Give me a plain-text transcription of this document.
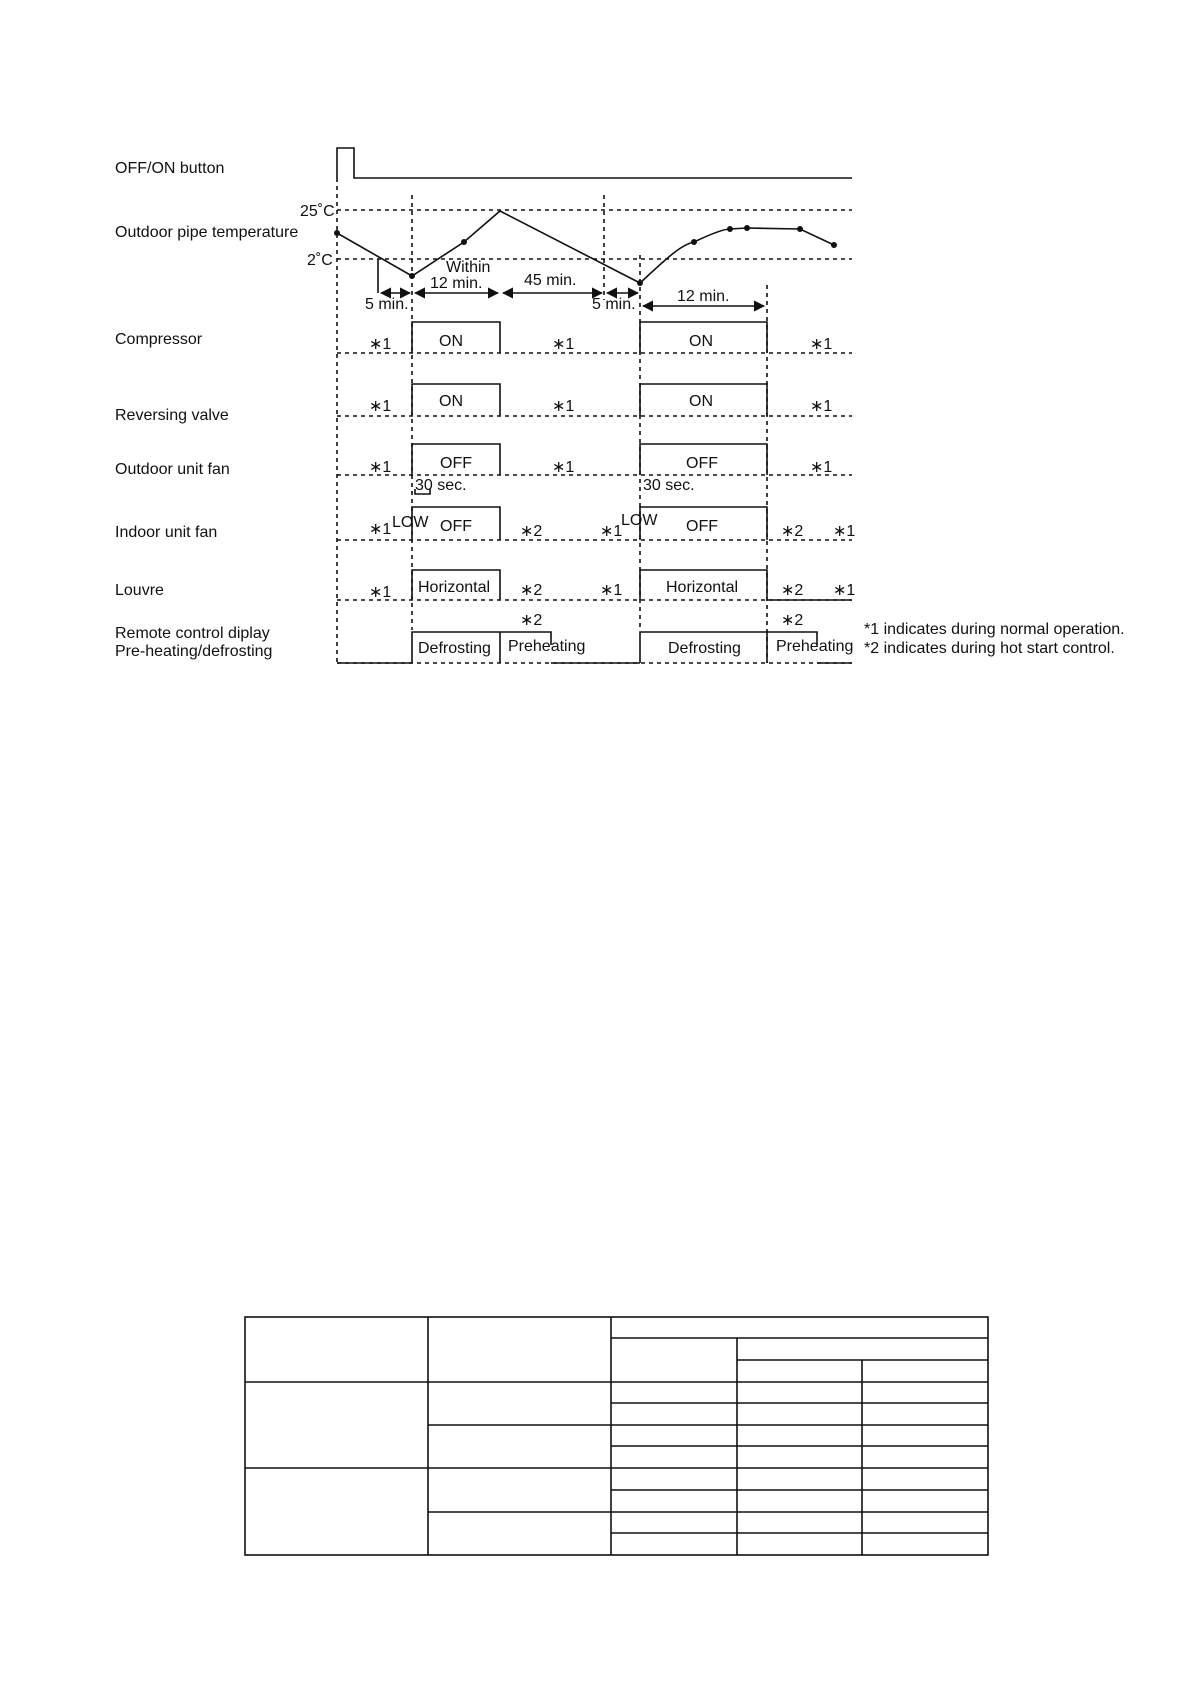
OFF/ON button
Outdoor pipe temperature
Compressor
Reversing valve
Outdoor unit fan
Indoor unit fan
Louvre
Remote control diplay
Pre-heating/defrosting
25˚C
2˚C	Within
12 min.	45 min.
5 min.	5 min.	12 min.
30 sec.	30 sec.
∗1	ON	∗1	ON	∗1
∗1	ON	∗1	ON	∗1
∗1	OFF	∗1	OFF	∗1
∗1 LOW OFF	∗2	∗1
LOW OFF	∗2 ∗1
∗1 Horizontal ∗2	∗1	Horizontal	∗2 ∗1
∗2	∗2
Defrosting Preheating	Defrosting Preheating
*1 indicates during normal operation.
*2 indicates during hot start control.
